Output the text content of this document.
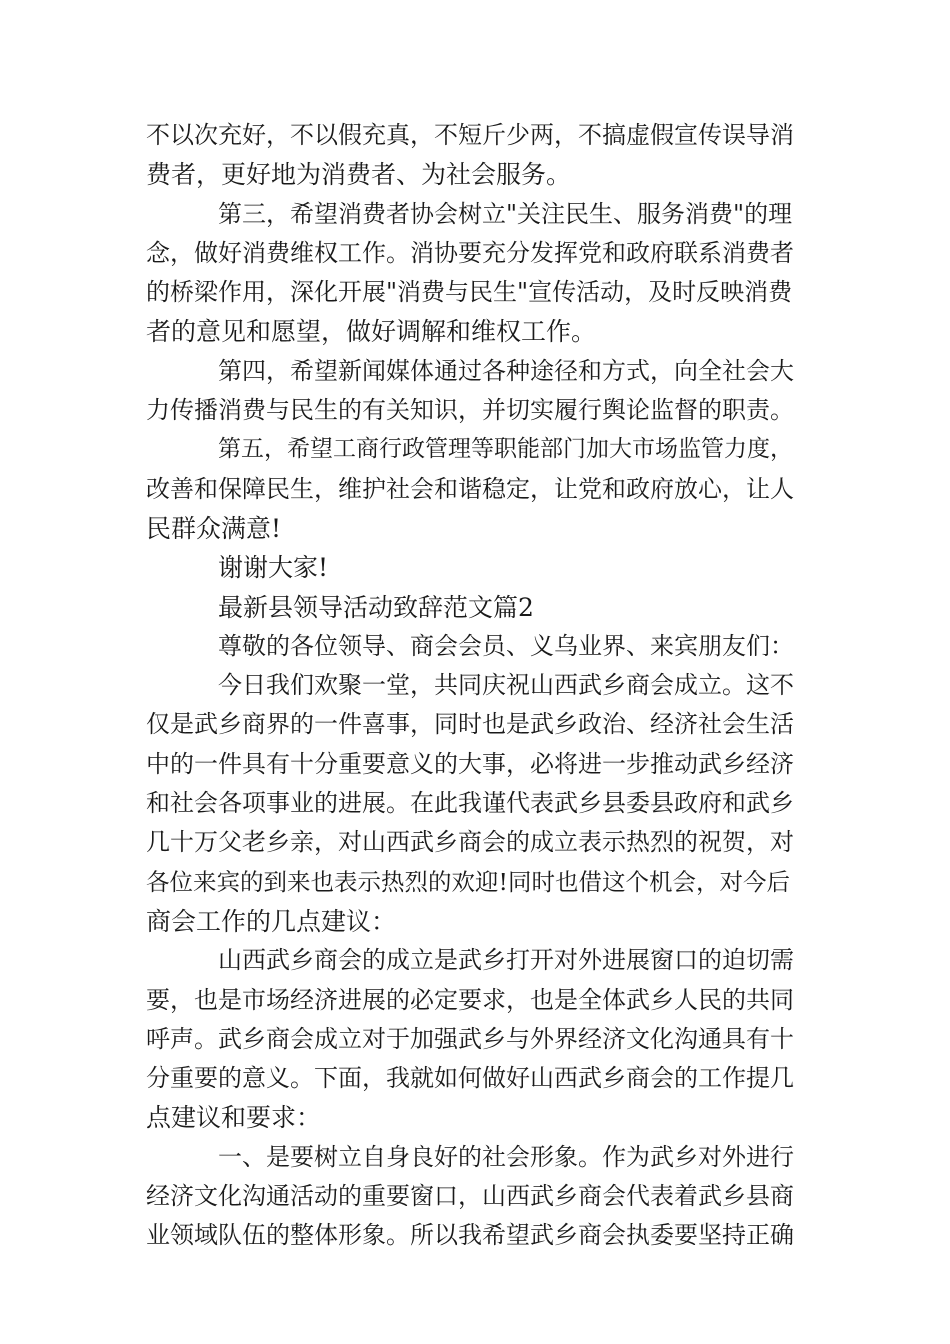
不以次充好，不以假充真，不短斤少两，不搞虚假宣传误导消
费者，更好地为消费者、为社会服务。
第三，希望消费者协会树立"关注民生、服务消费"的理
念，做好消费维权工作。消协要充分发挥党和政府联系消费者
的桥梁作用，深化开展"消费与民生"宣传活动，及时反映消费
者的意见和愿望，做好调解和维权工作。
第四，希望新闻媒体通过各种途径和方式，向全社会大
力传播消费与民生的有关知识，并切实履行舆论监督的职责。
第五，希望工商行政管理等职能部门加大市场监管力度，
改善和保障民生，维护社会和谐稳定，让党和政府放心，让人
民群众满意!
谢谢大家!
最新县领导活动致辞范文篇2
尊敬的各位领导、商会会员、义乌业界、来宾朋友们：
今日我们欢聚一堂，共同庆祝山西武乡商会成立。这不
仅是武乡商界的一件喜事，同时也是武乡政治、经济社会生活
中的一件具有十分重要意义的大事，必将进一步推动武乡经济
和社会各项事业的进展。在此我谨代表武乡县委县政府和武乡
几十万父老乡亲，对山西武乡商会的成立表示热烈的祝贺，对
各位来宾的到来也表示热烈的欢迎!同时也借这个机会，对今后
商会工作的几点建议：
山西武乡商会的成立是武乡打开对外进展窗口的迫切需
要，也是市场经济进展的必定要求，也是全体武乡人民的共同
呼声。武乡商会成立对于加强武乡与外界经济文化沟通具有十
分重要的意义。下面，我就如何做好山西武乡商会的工作提几
点建议和要求：
一、是要树立自身良好的社会形象。作为武乡对外进行
经济文化沟通活动的重要窗口，山西武乡商会代表着武乡县商
业领域队伍的整体形象。所以我希望武乡商会执委要坚持正确
